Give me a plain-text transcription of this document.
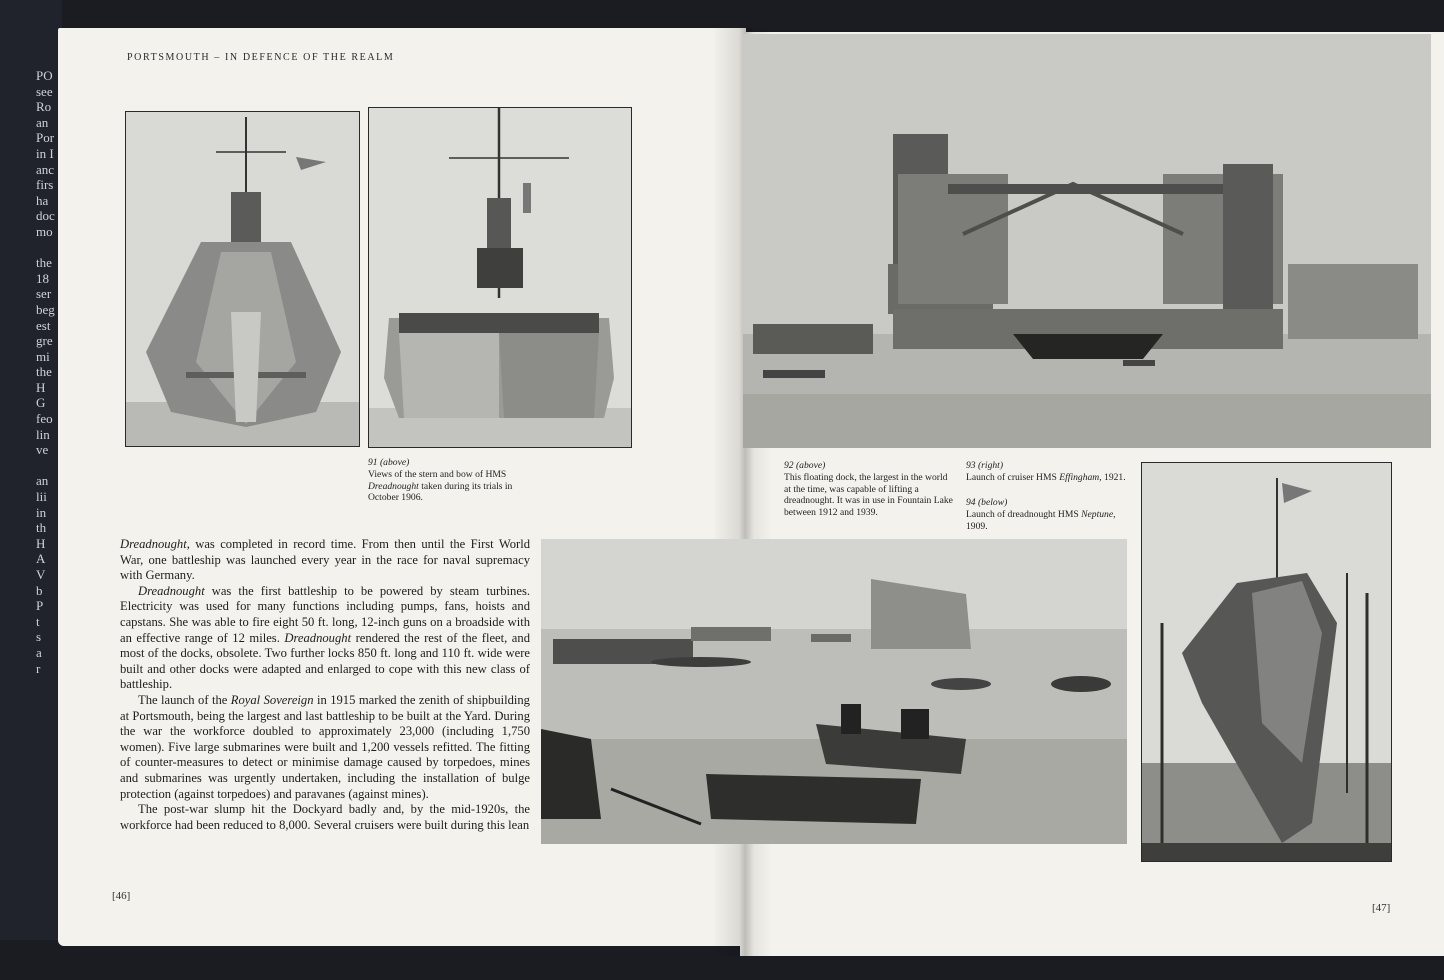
PO
see
Ro
an
Por
in I
anc
firs
ha
doc
mo

the
18
ser
beg
est
gre
mi
the
H
G
feo
lin
ve

an
lii
in
th
H
A
V
b
P
t
s
a
r
PORTSMOUTH – IN DEFENCE OF THE REALM
91 (above)
Views of the stern and bow of HMS Dreadnought taken during its trials in October 1906.
92 (above)
This floating dock, the largest in the world at the time, was capable of lifting a dreadnought. It was in use in Fountain Lake between 1912 and 1939.
93 (right)
Launch of cruiser HMS Effingham, 1921.
94 (below)
Launch of dreadnought HMS Neptune, 1909.

Dreadnought, was completed in record time. From then until the First World War, one battleship was launched every year in the race for naval supremacy with Germany.

Dreadnought was the first battleship to be powered by steam turbines. Electricity was used for many functions including pumps, fans, hoists and capstans. She was able to fire eight 50 ft. long, 12-inch guns on a broadside with an effective range of 12 miles. Dreadnought rendered the rest of the fleet, and most of the docks, obsolete. Two further locks 850 ft. long and 110 ft. wide were built and other docks were adapted and enlarged to cope with this new class of battleship.

The launch of the Royal Sovereign in 1915 marked the zenith of shipbuilding at Portsmouth, being the largest and last battleship to be built at the Yard. During the war the workforce doubled to approximately 23,000 (including 1,750 women). Five large submarines were built and 1,200 vessels refitted. The fitting of counter-measures to detect or minimise damage caused by torpedoes, mines and submarines was urgently undertaken, including the installation of bulge protection (against torpedoes) and paravanes (against mines).

The post-war slump hit the Dockyard badly and, by the mid-1920s, the workforce had been reduced to 8,000. Several cruisers were built during this lean

[46]
[47]
